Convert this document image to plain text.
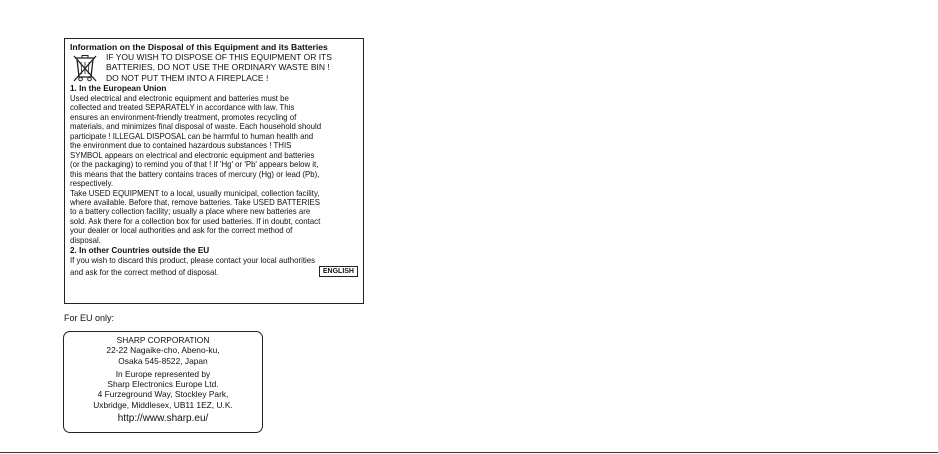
Information on the Disposal of this Equipment and its Batteries
IF YOU WISH TO DISPOSE OF THIS EQUIPMENT OR ITS
BATTERIES, DO NOT USE THE ORDINARY WASTE BIN !
DO NOT PUT THEM INTO A FIREPLACE !
1. In the European Union
Used electrical and electronic equipment and batteries must be
collected and treated SEPARATELY in accordance with law. This
ensures an environment-friendly treatment, promotes recycling of
materials, and minimizes final disposal of waste. Each household should
participate ! ILLEGAL DISPOSAL can be harmful to human health and
the environment due to contained hazardous substances ! THIS
SYMBOL appears on electrical and electronic equipment and batteries
(or the packaging) to remind you of that ! If 'Hg' or 'Pb' appears below it,
this means that the battery contains traces of mercury (Hg) or lead (Pb),
respectively.
Take USED EQUIPMENT to a local, usually municipal, collection facility,
where available. Before that, remove batteries. Take USED BATTERIES
to a battery collection facility; usually a place where new batteries are
sold. Ask there for a collection box for used batteries. If in doubt, contact
your dealer or local authorities and ask for the correct method of
disposal.
2. In other Countries outside the EU
If you wish to discard this product, please contact your local authorities
and ask for the correct method of disposal.	ENGLISH
For EU only:
SHARP CORPORATION
22-22 Nagaike-cho, Abeno-ku,
Osaka 545-8522, Japan
In Europe represented by
Sharp Electronics Europe Ltd.
4 Furzeground Way, Stockley Park,
Uxbridge, Middlesex, UB11 1EZ, U.K.
http://www.sharp.eu/
